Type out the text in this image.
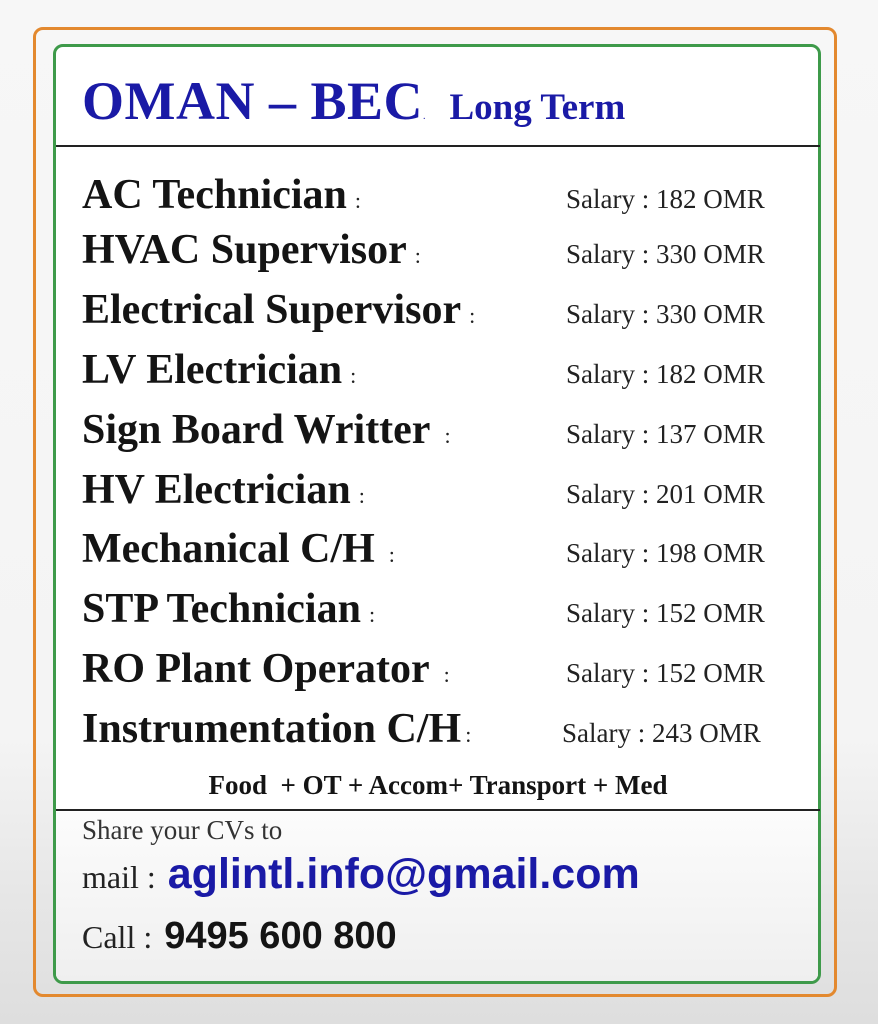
OMAN – BEC. Long Term
AC Technician :	Salary : 182 OMR
HVAC Supervisor :	Salary : 330 OMR
Electrical Supervisor :	Salary : 330 OMR
LV Electrician :	Salary : 182 OMR
Sign Board Writter :	Salary : 137 OMR
HV Electrician :	Salary : 201 OMR
Mechanical C/H :	Salary : 198 OMR
STP Technician :	Salary : 152 OMR
RO Plant Operator :	Salary : 152 OMR
Instrumentation C/H :	Salary : 243 OMR
Food  + OT + Accom+ Transport + Med
Share your CVs to
mail : aglintl.info@gmail.com
Call : 9495 600 800
